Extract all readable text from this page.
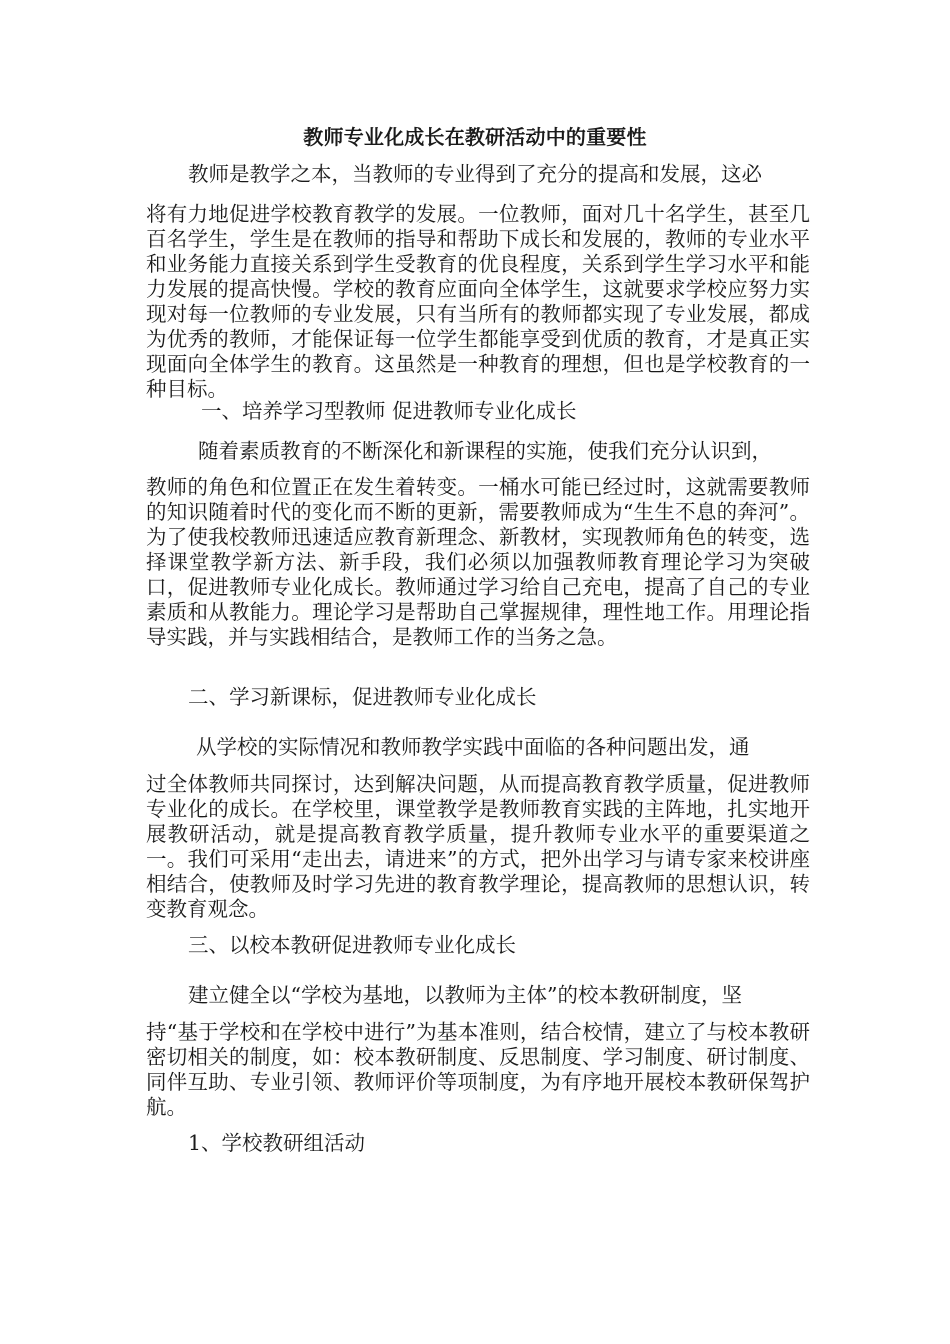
教师专业化成长在教研活动中的重要性
教师是教学之本，当教师的专业得到了充分的提高和发展，这必
将有力地促进学校教育教学的发展。一位教师，面对几十名学生，甚至几百名学生，学生是在教师的指导和帮助下成长和发展的，教师的专业水平和业务能力直接关系到学生受教育的优良程度，关系到学生学习水平和能力发展的提高快慢。学校的教育应面向全体学生，这就要求学校应努力实现对每一位教师的专业发展，只有当所有的教师都实现了专业发展，都成为优秀的教师，才能保证每一位学生都能享受到优质的教育，才是真正实现面向全体学生的教育。这虽然是一种教育的理想，但也是学校教育的一种目标。
一、培养学习型教师 促进教师专业化成长
随着素质教育的不断深化和新课程的实施，使我们充分认识到，
教师的角色和位置正在发生着转变。一桶水可能已经过时，这就需要教师的知识随着时代的变化而不断的更新，需要教师成为“生生不息的奔河”。为了使我校教师迅速适应教育新理念、新教材，实现教师角色的转变，选择课堂教学新方法、新手段，我们必须以加强教师教育理论学习为突破口，促进教师专业化成长。教师通过学习给自己充电，提高了自己的专业素质和从教能力。理论学习是帮助自己掌握规律，理性地工作。用理论指导实践，并与实践相结合，是教师工作的当务之急。
二、学习新课标，促进教师专业化成长
从学校的实际情况和教师教学实践中面临的各种问题出发，通
过全体教师共同探讨，达到解决问题，从而提高教育教学质量，促进教师专业化的成长。在学校里，课堂教学是教师教育实践的主阵地，扎实地开展教研活动，就是提高教育教学质量，提升教师专业水平的重要渠道之一。我们可采用“走出去，请进来”的方式，把外出学习与请专家来校讲座相结合，使教师及时学习先进的教育教学理论，提高教师的思想认识，转变教育观念。
三、以校本教研促进教师专业化成长
建立健全以“学校为基地，以教师为主体”的校本教研制度，坚
持“基于学校和在学校中进行”为基本准则，结合校情，建立了与校本教研密切相关的制度，如：校本教研制度、反思制度、学习制度、研讨制度、同伴互助、专业引领、教师评价等项制度，为有序地开展校本教研保驾护航。
1、学校教研组活动
